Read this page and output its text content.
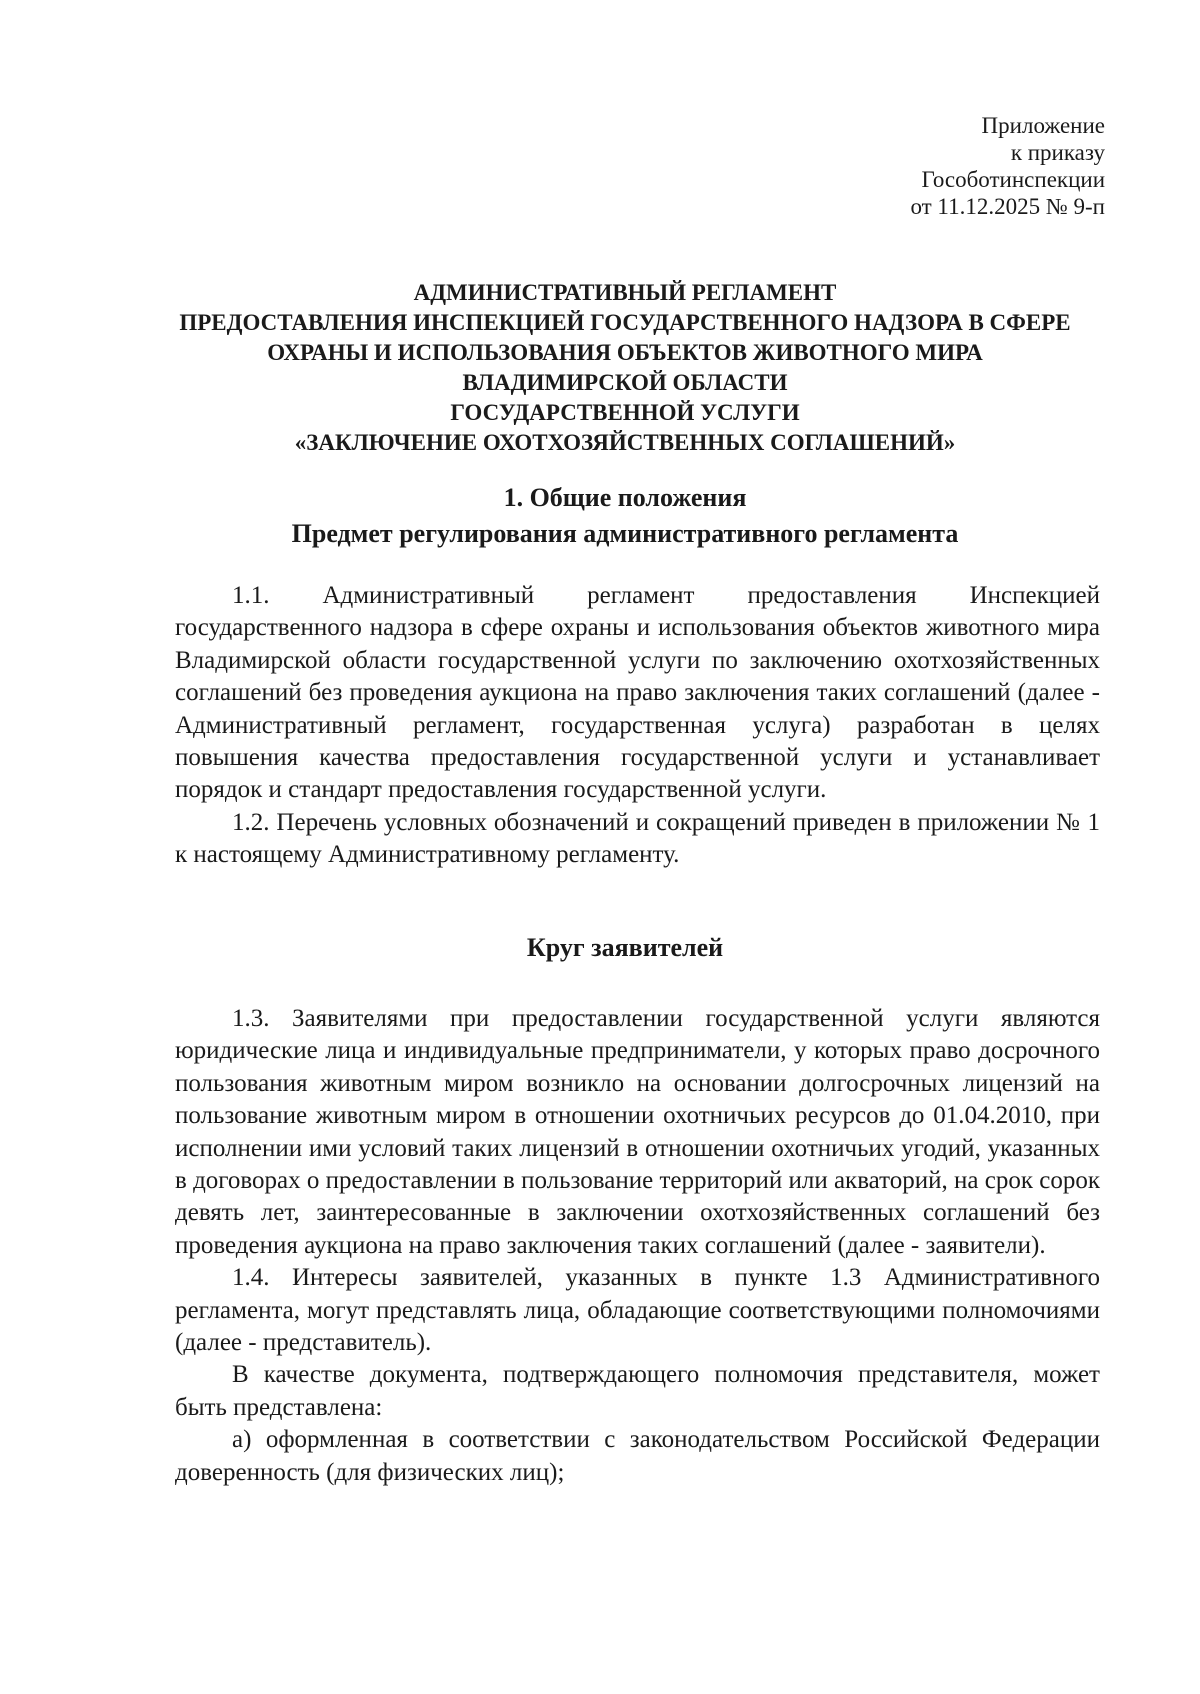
Приложение
к приказу
Гособотинспекции
от 11.12.2025 № 9-п
АДМИНИСТРАТИВНЫЙ РЕГЛАМЕНТ
ПРЕДОСТАВЛЕНИЯ ИНСПЕКЦИЕЙ ГОСУДАРСТВЕННОГО НАДЗОРА В СФЕРЕ
ОХРАНЫ И ИСПОЛЬЗОВАНИЯ ОБЪЕКТОВ ЖИВОТНОГО МИРА
ВЛАДИМИРСКОЙ ОБЛАСТИ
ГОСУДАРСТВЕННОЙ УСЛУГИ
«ЗАКЛЮЧЕНИЕ ОХОТХОЗЯЙСТВЕННЫХ СОГЛАШЕНИЙ»
1. Общие положения
Предмет регулирования административного регламента

1.1. Административный регламент предоставления Инспекцией государственного надзора в сфере охраны и использования объектов животного мира Владимирской области государственной услуги по заключению охотхозяйственных соглашений без проведения аукциона на право заключения таких соглашений (далее - Административный регламент, государственная услуга) разработан в целях повышения качества предоставления государственной услуги и устанавливает порядок и стандарт предоставления государственной услуги.

1.2. Перечень условных обозначений и сокращений приведен в приложении № 1 к настоящему Административному регламенту.

Круг заявителей

1.3. Заявителями при предоставлении государственной услуги являются юридические лица и индивидуальные предприниматели, у которых право досрочного пользования животным миром возникло на основании долгосрочных лицензий на пользование животным миром в отношении охотничьих ресурсов до 01.04.2010, при исполнении ими условий таких лицензий в отношении охотничьих угодий, указанных в договорах о предоставлении в пользование территорий или акваторий, на срок сорок девять лет, заинтересованные в заключении охотхозяйственных соглашений без проведения аукциона на право заключения таких соглашений (далее - заявители).

1.4. Интересы заявителей, указанных в пункте 1.3 Административного регламента, могут представлять лица, обладающие соответствующими полномочиями (далее - представитель).

В качестве документа, подтверждающего полномочия представителя, может быть представлена:

а) оформленная в соответствии с законодательством Российской Федерации доверенность (для физических лиц);
